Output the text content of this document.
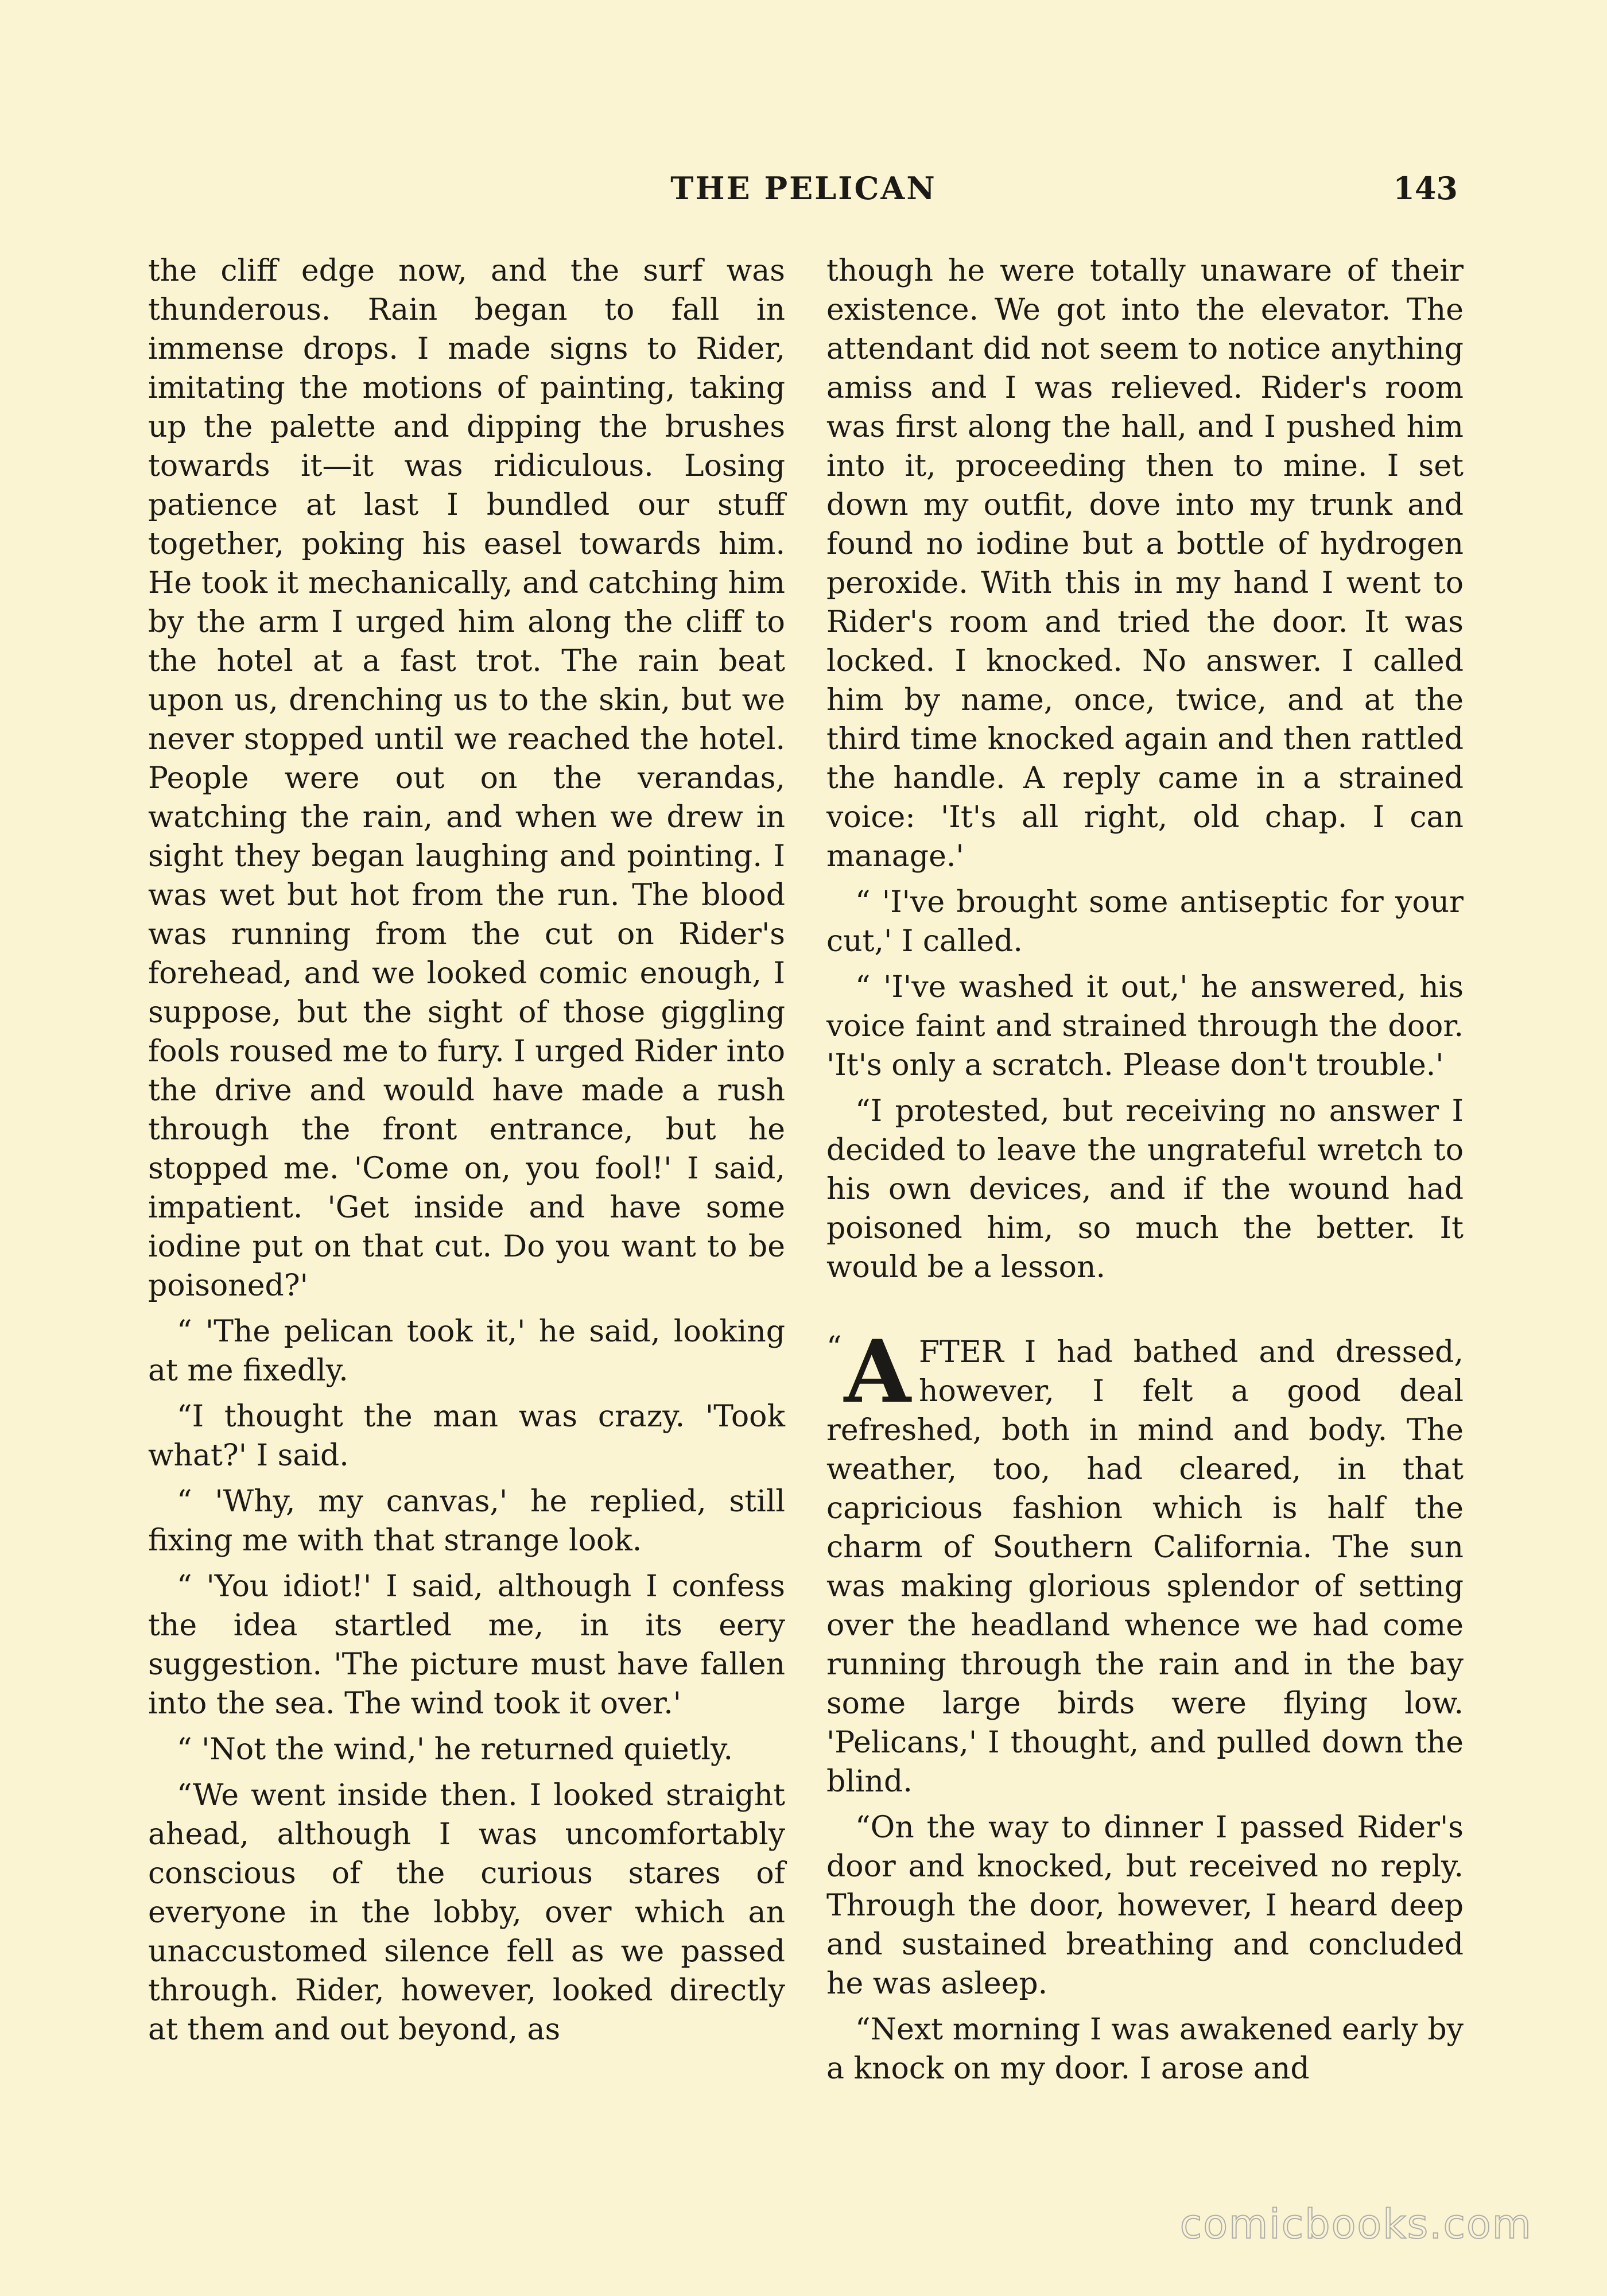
THE PELICAN	143

the cliff edge now, and the surf was thunderous. Rain began to fall in immense drops. I made signs to Rider, imitating the motions of painting, taking up the palette and dipping the brushes towards it—it was ridiculous. Losing patience at last I bundled our stuff together, poking his easel towards him. He took it mechanically, and catching him by the arm I urged him along the cliff to the hotel at a fast trot. The rain beat upon us, drenching us to the skin, but we never stopped until we reached the hotel. People were out on the verandas, watching the rain, and when we drew in sight they began laughing and pointing. I was wet but hot from the run. The blood was running from the cut on Rider's forehead, and we looked comic enough, I suppose, but the sight of those giggling fools roused me to fury. I urged Rider into the drive and would have made a rush through the front entrance, but he stopped me. 'Come on, you fool!' I said, impatient. 'Get inside and have some iodine put on that cut. Do you want to be poisoned?'

“ 'The pelican took it,' he said, looking at me fixedly.

“I thought the man was crazy. 'Took what?' I said.

“ 'Why, my canvas,' he replied, still fixing me with that strange look.

“ 'You idiot!' I said, although I confess the idea startled me, in its eery suggestion. 'The picture must have fallen into the sea. The wind took it over.'

“ 'Not the wind,' he returned quietly.

“We went inside then. I looked straight ahead, although I was uncomfortably conscious of the curious stares of everyone in the lobby, over which an unaccustomed silence fell as we passed through. Rider, however, looked directly at them and out beyond, as

though he were totally unaware of their existence. We got into the elevator. The attendant did not seem to notice anything amiss and I was relieved. Rider's room was first along the hall, and I pushed him into it, proceeding then to mine. I set down my outfit, dove into my trunk and found no iodine but a bottle of hydrogen peroxide. With this in my hand I went to Rider's room and tried the door. It was locked. I knocked. No answer. I called him by name, once, twice, and at the third time knocked again and then rattled the handle. A reply came in a strained voice: 'It's all right, old chap. I can manage.'

“ 'I've brought some antiseptic for your cut,' I called.

“ 'I've washed it out,' he answered, his voice faint and strained through the door. 'It's only a scratch. Please don't trouble.'

“I protested, but receiving no answer I decided to leave the ungrateful wretch to his own devices, and if the wound had poisoned him, so much the better. It would be a lesson.

“ A FTER I had bathed and dressed, however, I felt a good deal refreshed, both in mind and body. The weather, too, had cleared, in that capricious fashion which is half the charm of Southern California. The sun was making glorious splendor of setting over the headland whence we had come running through the rain and in the bay some large birds were flying low. 'Pelicans,' I thought, and pulled down the blind.

“On the way to dinner I passed Rider's door and knocked, but received no reply. Through the door, however, I heard deep and sustained breathing and concluded he was asleep.

“Next morning I was awakened early by a knock on my door. I arose and

comicbooks.com
